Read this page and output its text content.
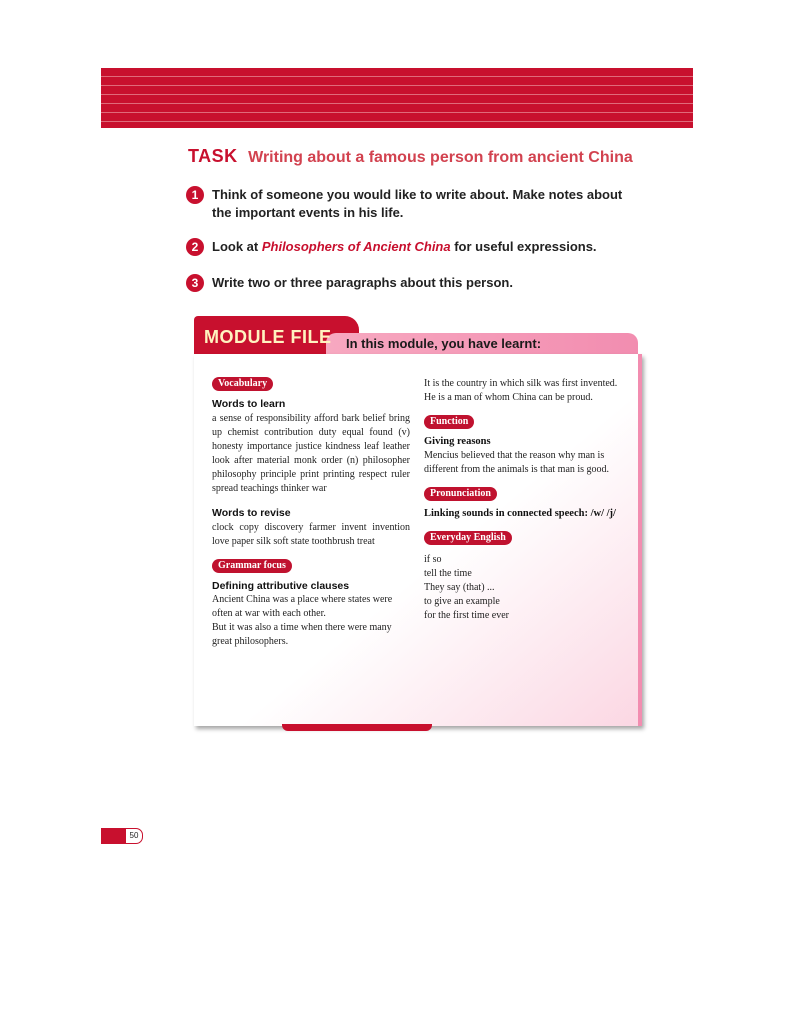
TASK Writing about a famous person from ancient China
1	Think of someone you would like to write about. Make notes about the important events in his life.
2	Look at Philosophers of Ancient China for useful expressions.
3	Write two or three paragraphs about this person.
MODULE FILE In this module, you have learnt:
Vocabulary
Words to learn

a sense of responsibility afford bark belief bring up chemist contribution duty equal found (v) honesty importance justice kindness leaf leather look after material monk order (n) philosopher philosophy principle print printing respect ruler spread teachings thinker war

Words to revise

clock copy discovery farmer invent invention love paper silk soft state toothbrush treat

Grammar focus
Defining attributive clauses

Ancient China was a place where states were often at war with each other.

But it was also a time when there were many great philosophers.

It is the country in which silk was first invented.

He is a man of whom China can be proud.

Function
Giving reasons

Mencius believed that the reason why man is different from the animals is that man is good.

Pronunciation
Linking sounds in connected speech: /w/ /j/
Everyday English

if so

tell the time

They say (that) ...

to give an example

for the first time ever

50
